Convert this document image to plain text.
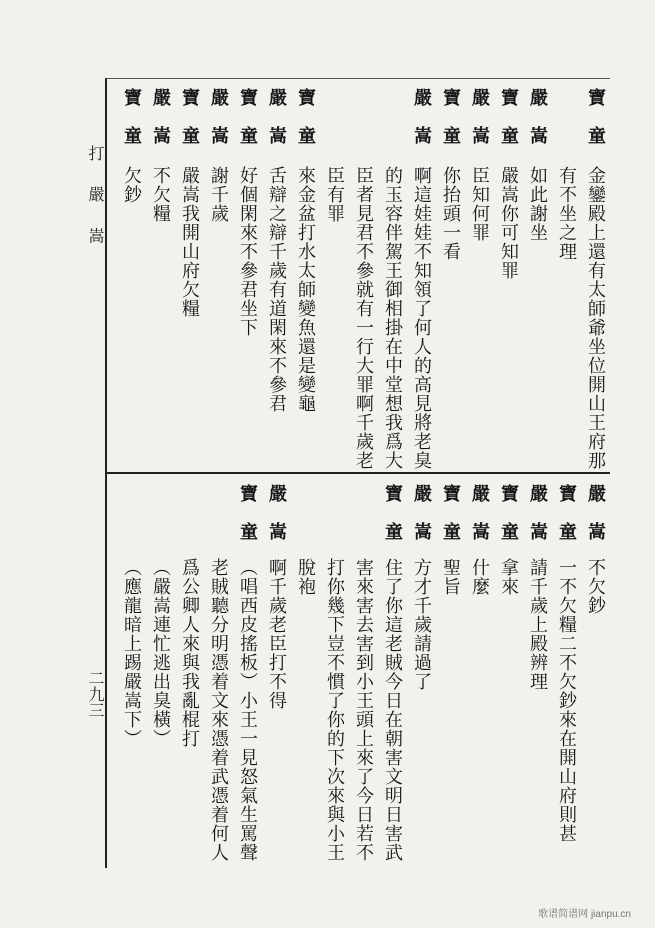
打 嚴 嵩
二九三
寶　童金鑾殿上還有太師爺坐位開山王府那
有不坐之理
嚴　嵩如此謝坐
寶　童嚴嵩你可知罪
嚴　嵩臣知何罪
寶　童你抬頭一看
嚴　嵩啊這娃娃不知領了何人的高見將老臭
的玉容伴駕王御相掛在中堂想我爲大
臣者見君不參就有一行大罪啊千歲老
臣有罪
寶　童來金盆打水太師變魚還是變龜
嚴　嵩舌辯之辯千歲有道閑來不參君
寶　童好個閑來不參君坐下
嚴　嵩謝千歲
寶　童嚴嵩我開山府欠糧
嚴　嵩不欠糧
寶　童欠鈔
嚴　嵩不欠鈔
寶　童一不欠糧二不欠鈔來在開山府則甚
嚴　嵩請千歲上殿辨理
寶　童拿來
嚴　嵩什麼
寶　童聖旨
嚴　嵩方才千歲請過了
寶　童住了你這老賊今日在朝害文明日害武
害來害去害到小王頭上來了今日若不
打你幾下豈不慣了你的下次來與小王
脫袍
嚴　嵩啊千歲老臣打不得
寶　童（唱西皮搖板）小王一見怒氣生罵聲
老賊聽分明憑着文來憑着武憑着何人
爲公卿人來與我亂棍打
（嚴嵩連忙逃出臭橫）
（應龍暗上踢嚴嵩下）
歌谱简谱网 jianpu.cn
